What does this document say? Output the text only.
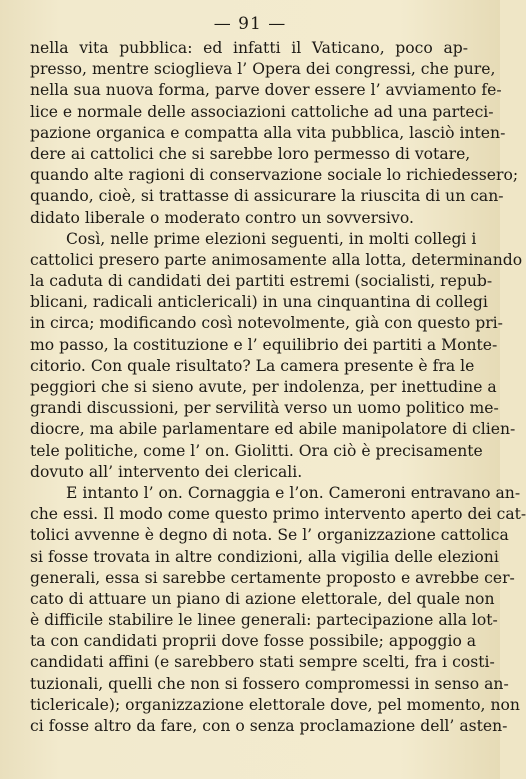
— 91 —
nella vita pubblica: ed infatti il Vaticano, poco ap-
presso, mentre scioglieva l’ Opera dei congressi, che pure,
nella sua nuova forma, parve dover essere l’ avviamento fe-
lice e normale delle associazioni cattoliche ad una parteci-
pazione organica e compatta alla vita pubblica, lasciò inten-
dere ai cattolici che si sarebbe loro permesso di votare,
quando alte ragioni di conservazione sociale lo richiedessero;
quando, cioè, si trattasse di assicurare la riuscita di un can-
didato liberale o moderato contro un sovversivo.
Così, nelle prime elezioni seguenti, in molti collegi i
cattolici presero parte animosamente alla lotta, determinando
la caduta di candidati dei partiti estremi (socialisti, repub-
blicani, radicali anticlericali) in una cinquantina di collegi
in circa; modificando così notevolmente, già con questo pri-
mo passo, la costituzione e l’ equilibrio dei partiti a Monte-
citorio. Con quale risultato? La camera presente è fra le
peggiori che si sieno avute, per indolenza, per inettudine a
grandi discussioni, per servilità verso un uomo politico me-
diocre, ma abile parlamentare ed abile manipolatore di clien-
tele politiche, come l’ on. Giolitti. Ora ciò è precisamente
dovuto all’ intervento dei clericali.
E intanto l’ on. Cornaggia e l’on. Cameroni entravano an-
che essi. Il modo come questo primo intervento aperto dei cat-
tolici avvenne è degno di nota. Se l’ organizzazione cattolica
si fosse trovata in altre condizioni, alla vigilia delle elezioni
generali, essa si sarebbe certamente proposto e avrebbe cer-
cato di attuare un piano di azione elettorale, del quale non
è difficile stabilire le linee generali: partecipazione alla lot-
ta con candidati proprii dove fosse possibile; appoggio a
candidati affini (e sarebbero stati sempre scelti, fra i costi-
tuzionali, quelli che non si fossero compromessi in senso an-
ticlericale); organizzazione elettorale dove, pel momento, non
ci fosse altro da fare, con o senza proclamazione dell’ asten-
